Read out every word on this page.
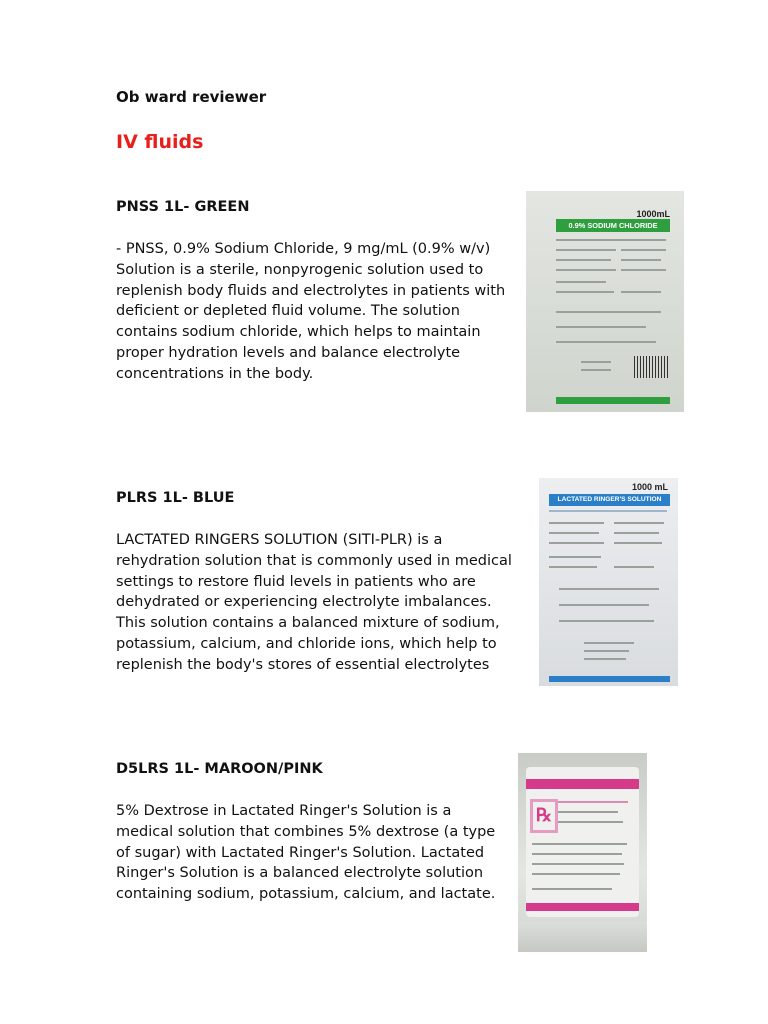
Ob ward reviewer
IV fluids
PNSS 1L- GREEN

- PNSS, 0.9% Sodium Chloride, 9 mg/mL (0.9% w/v) Solution is a sterile, nonpyrogenic solution used to replenish body fluids and electrolytes in patients with deficient or depleted fluid volume. The solution contains sodium chloride, which helps to maintain proper hydration levels and balance electrolyte concentrations in the body.

1000mL
0.9% SODIUM CHLORIDE
PLRS 1L- BLUE

LACTATED RINGERS SOLUTION (SITI-PLR) is a rehydration solution that is commonly used in medical settings to restore fluid levels in patients who are dehydrated or experiencing electrolyte imbalances. This solution contains a balanced mixture of sodium, potassium, calcium, and chloride ions, which help to replenish the body's stores of essential electrolytes

1000 mL
LACTATED RINGER'S SOLUTION
D5LRS 1L- MAROON/PINK

5% Dextrose in Lactated Ringer's Solution is a medical solution that combines 5% dextrose (a type of sugar) with Lactated Ringer's Solution. Lactated Ringer's Solution is a balanced electrolyte solution containing sodium, potassium, calcium, and lactate.

℞
